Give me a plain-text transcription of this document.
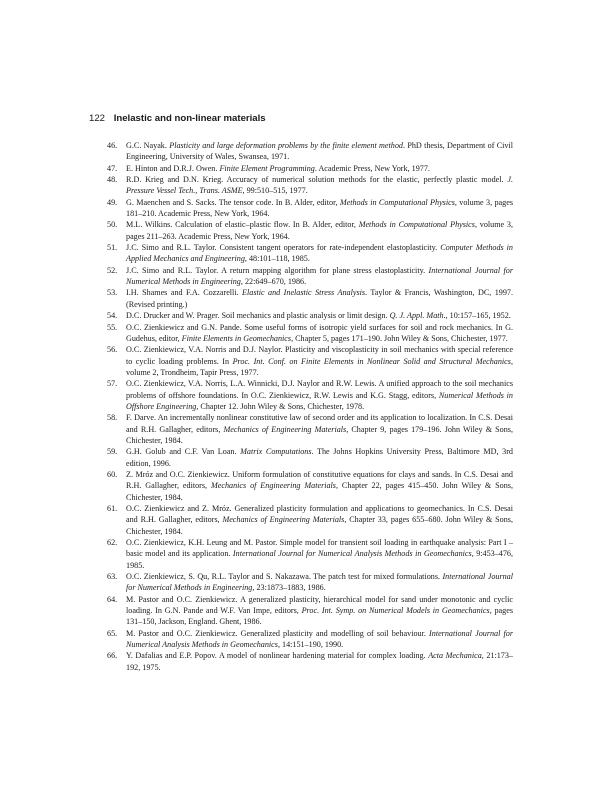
122 Inelastic and non-linear materials
46. G.C. Nayak. Plasticity and large deformation problems by the finite element method. PhD thesis, Department of Civil Engineering, University of Wales, Swansea, 1971.
47. E. Hinton and D.R.J. Owen. Finite Element Programming. Academic Press, New York, 1977.
48. R.D. Krieg and D.N. Krieg. Accuracy of numerical solution methods for the elastic, perfectly plastic model. J. Pressure Vessel Tech., Trans. ASME, 99:510–515, 1977.
49. G. Maenchen and S. Sacks. The tensor code. In B. Alder, editor, Methods in Computational Physics, volume 3, pages 181–210. Academic Press, New York, 1964.
50. M.L. Wilkins. Calculation of elastic–plastic flow. In B. Alder, editor, Methods in Computational Physics, volume 3, pages 211–263. Academic Press, New York, 1964.
51. J.C. Simo and R.L. Taylor. Consistent tangent operators for rate-independent elastoplasticity. Computer Methods in Applied Mechanics and Engineering, 48:101–118, 1985.
52. J.C. Simo and R.L. Taylor. A return mapping algorithm for plane stress elastoplasticity. International Journal for Numerical Methods in Engineering, 22:649–670, 1986.
53. I.H. Shames and F.A. Cozzarelli. Elastic and Inelastic Stress Analysis. Taylor & Francis, Washington, DC, 1997. (Revised printing.)
54. D.C. Drucker and W. Prager. Soil mechanics and plastic analysis or limit design. Q. J. Appl. Math., 10:157–165, 1952.
55. O.C. Zienkiewicz and G.N. Pande. Some useful forms of isotropic yield surfaces for soil and rock mechanics. In G. Gudehus, editor, Finite Elements in Geomechanics, Chapter 5, pages 171–190. John Wiley & Sons, Chichester, 1977.
56. O.C. Zienkiewicz, V.A. Norris and D.J. Naylor. Plasticity and viscoplasticity in soil mechanics with special reference to cyclic loading problems. In Proc. Int. Conf. on Finite Elements in Nonlinear Solid and Structural Mechanics, volume 2, Trondheim, Tapir Press, 1977.
57. O.C. Zienkiewicz, V.A. Norris, L.A. Winnicki, D.J. Naylor and R.W. Lewis. A unified approach to the soil mechanics problems of offshore foundations. In O.C. Zienkiewicz, R.W. Lewis and K.G. Stagg, editors, Numerical Methods in Offshore Engineering, Chapter 12. John Wiley & Sons, Chichester, 1978.
58. F. Darve. An incrementally nonlinear constitutive law of second order and its application to localization. In C.S. Desai and R.H. Gallagher, editors, Mechanics of Engineering Materials, Chapter 9, pages 179–196. John Wiley & Sons, Chichester, 1984.
59. G.H. Golub and C.F. Van Loan. Matrix Computations. The Johns Hopkins University Press, Baltimore MD, 3rd edition, 1996.
60. Z. Mróz and O.C. Zienkiewicz. Uniform formulation of constitutive equations for clays and sands. In C.S. Desai and R.H. Gallagher, editors, Mechanics of Engineering Materials, Chapter 22, pages 415–450. John Wiley & Sons, Chichester, 1984.
61. O.C. Zienkiewicz and Z. Mróz. Generalized plasticity formulation and applications to geomechanics. In C.S. Desai and R.H. Gallagher, editors, Mechanics of Engineering Materials, Chapter 33, pages 655–680. John Wiley & Sons, Chichester, 1984.
62. O.C. Zienkiewicz, K.H. Leung and M. Pastor. Simple model for transient soil loading in earthquake analysis: Part I – basic model and its application. International Journal for Numerical Analysis Methods in Geomechanics, 9:453–476, 1985.
63. O.C. Zienkiewicz, S. Qu, R.L. Taylor and S. Nakazawa. The patch test for mixed formulations. International Journal for Numerical Methods in Engineering, 23:1873–1883, 1986.
64. M. Pastor and O.C. Zienkiewicz. A generalized plasticity, hierarchical model for sand under monotonic and cyclic loading. In G.N. Pande and W.F. Van Impe, editors, Proc. Int. Symp. on Numerical Models in Geomechanics, pages 131–150, Jackson, England. Ghent, 1986.
65. M. Pastor and O.C. Zienkiewicz. Generalized plasticity and modelling of soil behaviour. International Journal for Numerical Analysis Methods in Geomechanics, 14:151–190, 1990.
66. Y. Dafalias and E.P. Popov. A model of nonlinear hardening material for complex loading. Acta Mechanica, 21:173–192, 1975.
